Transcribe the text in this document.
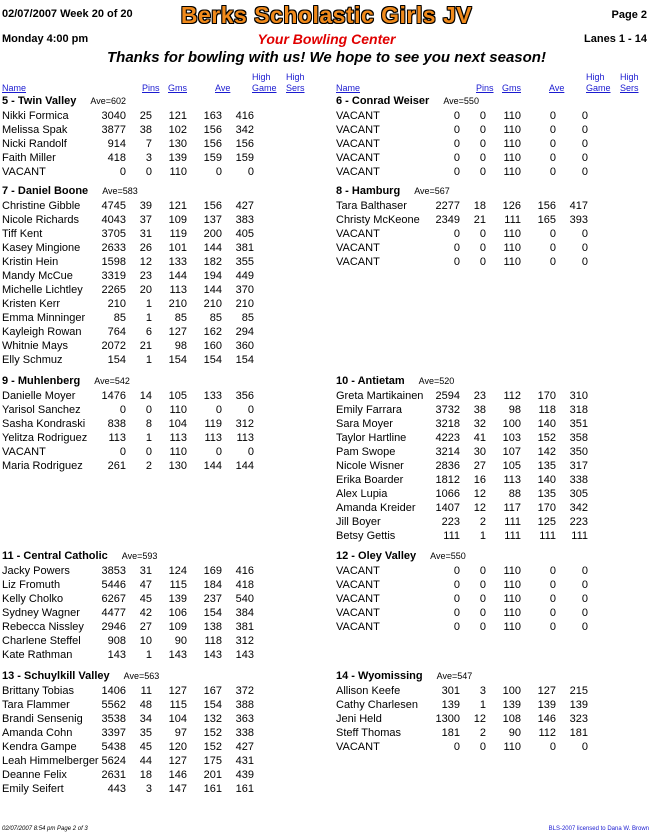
02/07/2007 Week 20 of 20	Berks Scholastic Girls JV	Page 2
Monday 4:00 pm	Your Bowling Center	Lanes 1 - 14
Thanks for bowling with us! We hope to see you next season!
Name	Pins Gms	Ave
High
Game
High
Sers	Name	Pins Gms	Ave
High
Game
High
Sers
5 - Twin Valley Ave=602
Nikki Formica	3040	25	121	163	416
Melissa Spak	3877	38	102	156	342
Nicki Randolf	914	7	130	156	156
Faith Miller	418	3	139	159	159
VACANT	0	0	110	0	0
6 - Conrad Weiser Ave=550
VACANT	0	0	110	0	0
VACANT	0	0	110	0	0
VACANT	0	0	110	0	0
VACANT	0	0	110	0	0
VACANT	0	0	110	0	0
7 - Daniel Boone Ave=583
Christine Gibble	4745	39	121	156	427
Nicole Richards	4043	37	109	137	383
Tiff Kent	3705	31	119	200	405
Kasey Mingione	2633	26	101	144	381
Kristin Hein	1598	12	133	182	355
Mandy McCue	3319	23	144	194	449
Michelle Lichtley	2265	20	113	144	370
Kristen Kerr	210	1	210	210	210
Emma Minninger	85	1	85	85	85
Kayleigh Rowan	764	6	127	162	294
Whitnie Mays	2072	21	98	160	360
Elly Schmuz	154	1	154	154	154
8 - Hamburg Ave=567
Tara Balthaser	2277	18	126	156	417
Christy McKeone	2349	21	111	165	393
VACANT	0	0	110	0	0
VACANT	0	0	110	0	0
VACANT	0	0	110	0	0
9 - Muhlenberg Ave=542
Danielle Moyer	1476	14	105	133	356
Yarisol Sanchez	0	0	110	0	0
Sasha Kondraski	838	8	104	119	312
Yelitza Rodriguez	113	1	113	113	113
VACANT	0	0	110	0	0
Maria Rodriguez	261	2	130	144	144
10 - Antietam Ave=520
Greta Martikainen	2594	23	112	170	310
Emily Farrara	3732	38	98	118	318
Sara Moyer	3218	32	100	140	351
Taylor Hartline	4223	41	103	152	358
Pam Swope	3214	30	107	142	350
Nicole Wisner	2836	27	105	135	317
Erika Boarder	1812	16	113	140	338
Alex Lupia	1066	12	88	135	305
Amanda Kreider	1407	12	117	170	342
Jill Boyer	223	2	111	125	223
Betsy Gettis	111	1	111	111	111
11 - Central Catholic Ave=593
Jacky Powers	3853	31	124	169	416
Liz Fromuth	5446	47	115	184	418
Kelly Cholko	6267	45	139	237	540
Sydney Wagner	4477	42	106	154	384
Rebecca Nissley	2946	27	109	138	381
Charlene Steffel	908	10	90	118	312
Kate Rathman	143	1	143	143	143
12 - Oley Valley Ave=550
VACANT	0	0	110	0	0
VACANT	0	0	110	0	0
VACANT	0	0	110	0	0
VACANT	0	0	110	0	0
VACANT	0	0	110	0	0
13 - Schuylkill Valley Ave=563
Brittany Tobias	1406	11	127	167	372
Tara Flammer	5562	48	115	154	388
Brandi Sensenig	3538	34	104	132	363
Amanda Cohn	3397	35	97	152	338
Kendra Gampe	5438	45	120	152	427
Leah Himmelberger 5624	44	127	175	431
Deanne Felix	2631	18	146	201	439
Emily Seifert	443	3	147	161	161
14 - Wyomissing Ave=547
Allison Keefe	301	3	100	127	215
Cathy Charlesen	139	1	139	139	139
Jeni Held	1300	12	108	146	323
Steff Thomas	181	2	90	112	181
VACANT	0	0	110	0	0
02/07/2007 8:54 pm Page 2 of 3	BLS-2007 licensed to Dana W. Brown
